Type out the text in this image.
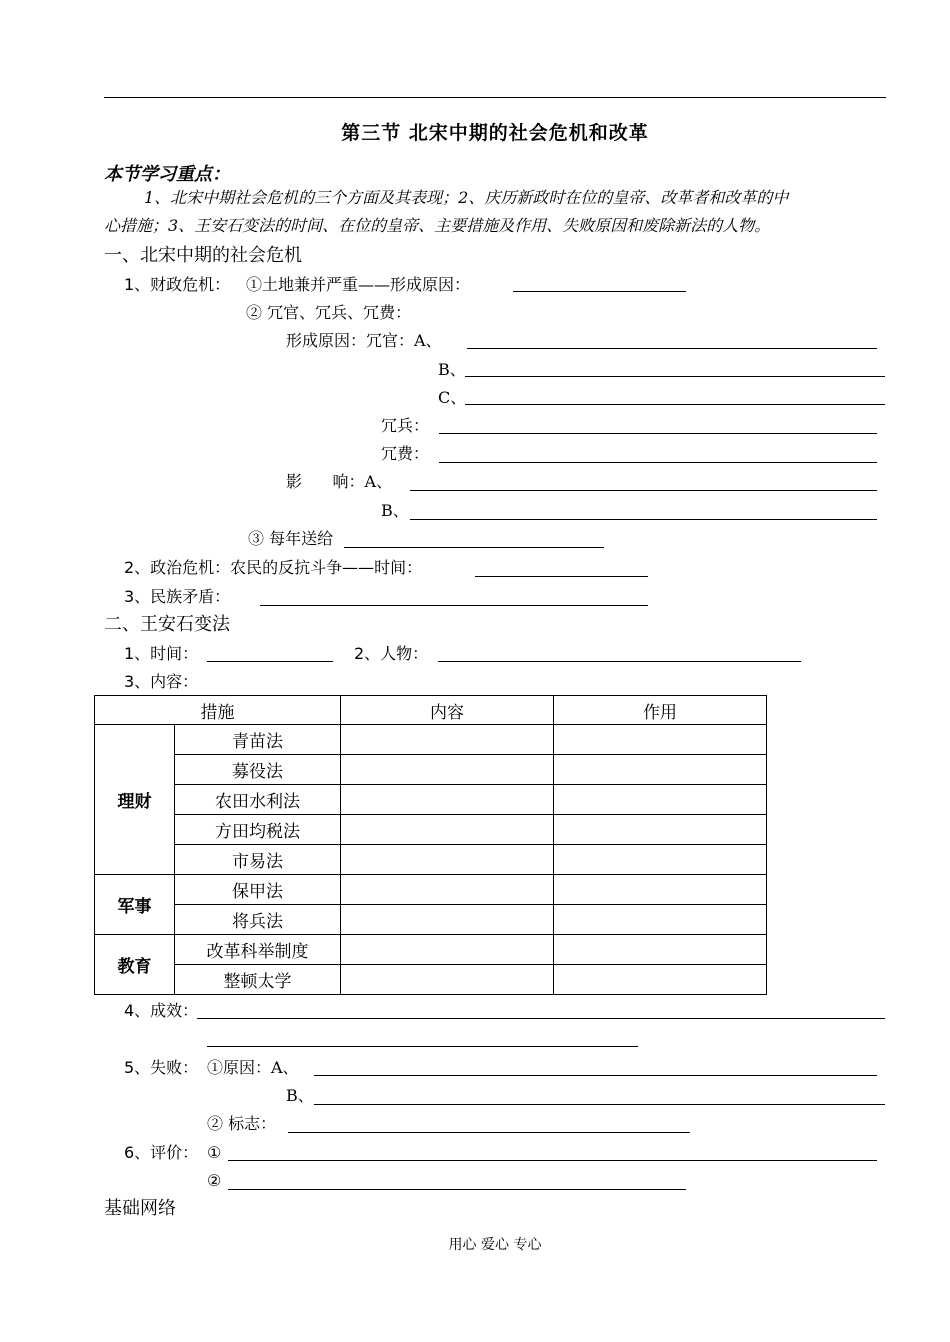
第三节 北宋中期的社会危机和改革
本节学习重点：
1、北宋中期社会危机的三个方面及其表现；2、庆历新政时在位的皇帝、改革者和改革的中
心措施；3、王安石变法的时间、在位的皇帝、主要措施及作用、失败原因和废除新法的人物。
一、北宋中期的社会危机
1、财政危机： ①土地兼并严重——形成原因：
② 冗官、冗兵、冗费：
形成原因：冗官：A、
B、
C、
冗兵：
冗费：
影      响：A、
B、
③ 每年送给
2、政治危机：农民的反抗斗争——时间：
3、民族矛盾：
二、王安石变法
1、时间：	2、人物：
3、内容：
措施		内容	作用
理财	青苗法		
	募役法		
	农田水利法		
	方田均税法		
	市易法		
军事	保甲法		
	将兵法		
教育	改革科举制度		
	整顿太学		
4、成效：
5、失败： ①原因：A、
B、
② 标志：
6、评价： ①
②
基础网络
用心 爱心 专心
